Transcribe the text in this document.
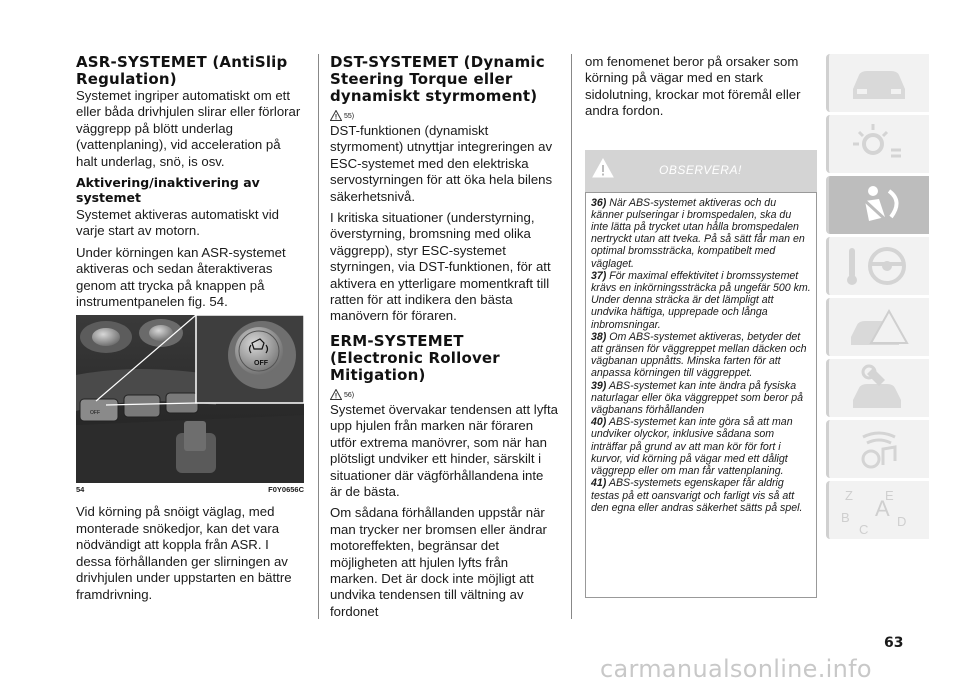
ASR-SYSTEMET (AntiSlip Regulation)

Systemet ingriper automatiskt om ett eller båda drivhjulen slirar eller förlorar väggrepp på blött underlag (vattenplaning), vid acceleration på halt underlag, snö, is osv.

Aktivering/inaktivering av systemet

Systemet aktiveras automatiskt vid varje start av motorn.

Under körningen kan ASR-systemet aktiveras och sedan återaktiveras genom att trycka på knappen på instrumentpanelen fig. 54.

OFF
OFF
54	F0Y0656C

Vid körning på snöigt väglag, med monterade snökedjor, kan det vara nödvändigt att koppla från ASR. I dessa förhållanden ger slirningen av drivhjulen under uppstarten en bättre framdrivning.

DST-SYSTEMET (Dynamic Steering Torque eller dynamiskt styrmoment)
55)

DST-funktionen (dynamiskt styrmoment) utnyttjar integreringen av ESC-systemet med den elektriska servostyrningen för att öka hela bilens säkerhetsnivå.

I kritiska situationer (understyrning, överstyrning, bromsning med olika väggrepp), styr ESC-systemet styrningen, via DST-funktionen, för att aktivera en ytterligare momentkraft till ratten för att indikera den bästa manövern för föraren.

ERM-SYSTEMET (Electronic Rollover Mitigation)
56)

Systemet övervakar tendensen att lyfta upp hjulen från marken när föraren utför extrema manövrer, som när han plötsligt undviker ett hinder, särskilt i situationer där vägförhållandena inte är de bästa.

Om sådana förhållanden uppstår när man trycker ner bromsen eller ändrar motoreffekten, begränsar det möjligheten att hjulen lyfts från marken. Det är dock inte möjligt att undvika tendensen till vältning av fordonet

om fenomenet beror på orsaker som körning på vägar med en stark sidolutning, krockar mot föremål eller andra fordon.

OBSERVERA!
36) När ABS-systemet aktiveras och du känner pulseringar i bromspedalen, ska du inte lätta på trycket utan hålla bromspedalen nertryckt utan att tveka. På så sätt får man en optimal bromssträcka, kompatibelt med väglaget.
37) För maximal effektivitet i bromssystemet krävs en inkörningssträcka på ungefär 500 km. Under denna sträcka är det lämpligt att undvika häftiga, upprepade och långa inbromsningar.
38) Om ABS-systemet aktiveras, betyder det att gränsen för väggreppet mellan däcken och vägbanan uppnåtts. Minska farten för att anpassa körningen till väggreppet.
39) ABS-systemet kan inte ändra på fysiska naturlagar eller öka väggreppet som beror på vägbanans förhållanden
40) ABS-systemet kan inte göra så att man undviker olyckor, inklusive sådana som inträffar på grund av att man kör för fort i kurvor, vid körning på vägar med ett dåligt väggrepp eller om man får vattenplaning.
41) ABS-systemets egenskaper får aldrig testas på ett oansvarigt och farligt vis så att den egna eller andras säkerhet sätts på spel.
Z E
B A
C
D
63
carmanualsonline.info
